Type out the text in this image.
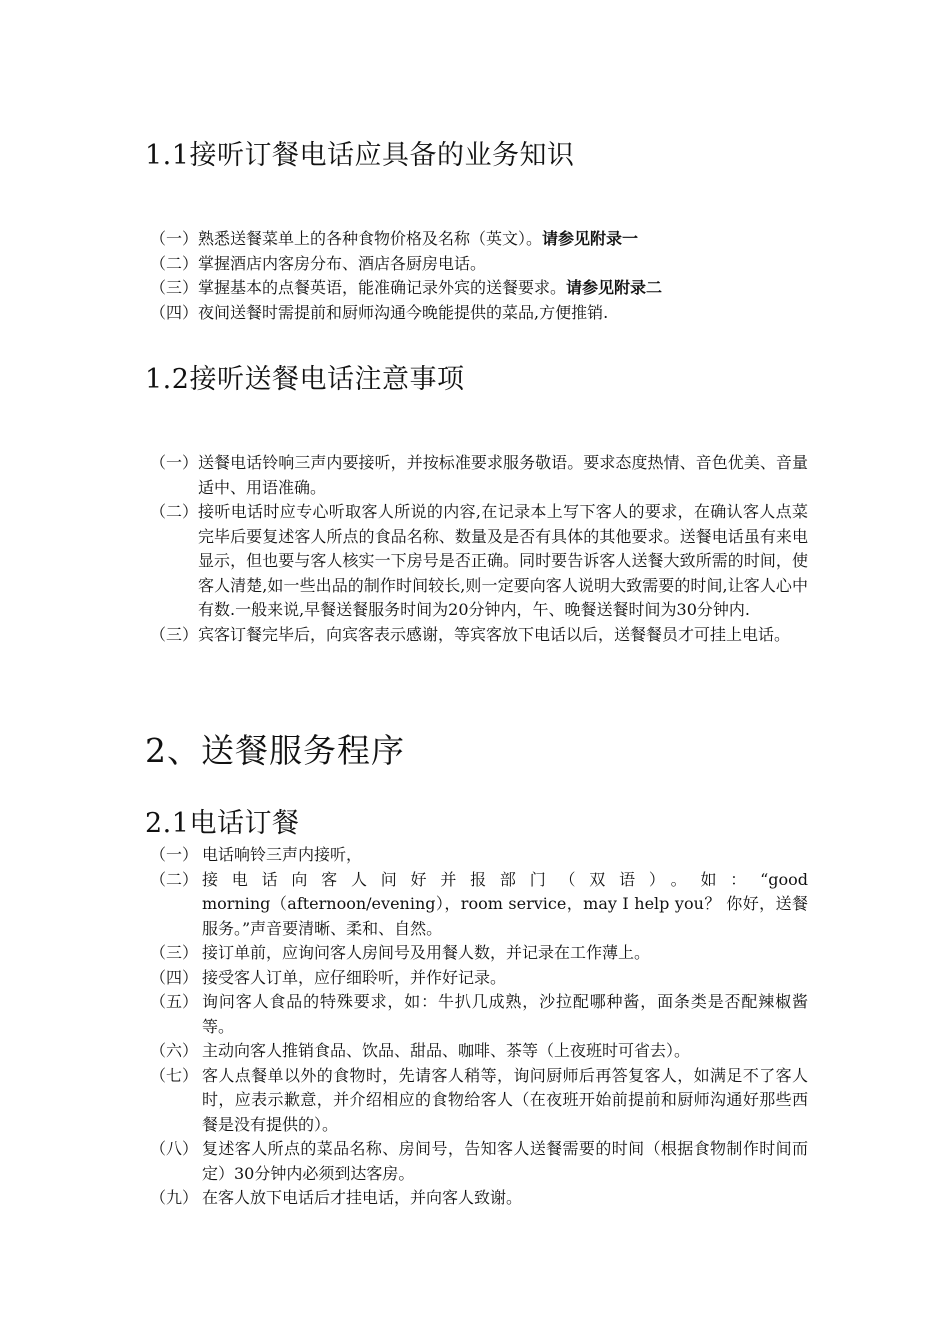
1.1接听订餐电话应具备的业务知识
（一） 熟悉送餐菜单上的各种食物价格及名称（英文）。请参见附录一
（二） 掌握酒店内客房分布、酒店各厨房电话。
（三） 掌握基本的点餐英语，能准确记录外宾的送餐要求。请参见附录二
（四） 夜间送餐时需提前和厨师沟通今晚能提供的菜品,方便推销.
1.2接听送餐电话注意事项
（一） 送餐电话铃响三声内要接听，并按标准要求服务敬语。要求态度热情、音色优美、音量适中、用语准确。
（二） 接听电话时应专心听取客人所说的内容,在记录本上写下客人的要求，在确认客人点菜完毕后要复述客人所点的食品名称、数量及是否有具体的其他要求。送餐电话虽有来电显示，但也要与客人核实一下房号是否正确。同时要告诉客人送餐大致所需的时间，使客人清楚,如一些出品的制作时间较长,则一定要向客人说明大致需要的时间,让客人心中有数.一般来说,早餐送餐服务时间为20分钟内，午、晚餐送餐时间为30分钟内.
（三） 宾客订餐完毕后，向宾客表示感谢，等宾客放下电话以后，送餐餐员才可挂上电话。
2、送餐服务程序
2.1电话订餐
（一） 电话响铃三声内接听，
（二） 接电话向客人问好并报部门（双语）。如：“good
morning（afternoon/evening），room service，may I help you？ 你好，送餐服务。”声音要清晰、柔和、自然。
（三） 接订单前，应询问客人房间号及用餐人数，并记录在工作薄上。
（四） 接受客人订单，应仔细聆听，并作好记录。
（五） 询问客人食品的特殊要求，如：牛扒几成熟，沙拉配哪种酱，面条类是否配辣椒酱等。
（六） 主动向客人推销食品、饮品、甜品、咖啡、茶等（上夜班时可省去）。
（七） 客人点餐单以外的食物时，先请客人稍等，询问厨师后再答复客人，如满足不了客人时，应表示歉意，并介绍相应的食物给客人（在夜班开始前提前和厨师沟通好那些西餐是没有提供的）。
（八） 复述客人所点的菜品名称、房间号，告知客人送餐需要的时间（根据食物制作时间而定）30分钟内必须到达客房。
（九） 在客人放下电话后才挂电话，并向客人致谢。
